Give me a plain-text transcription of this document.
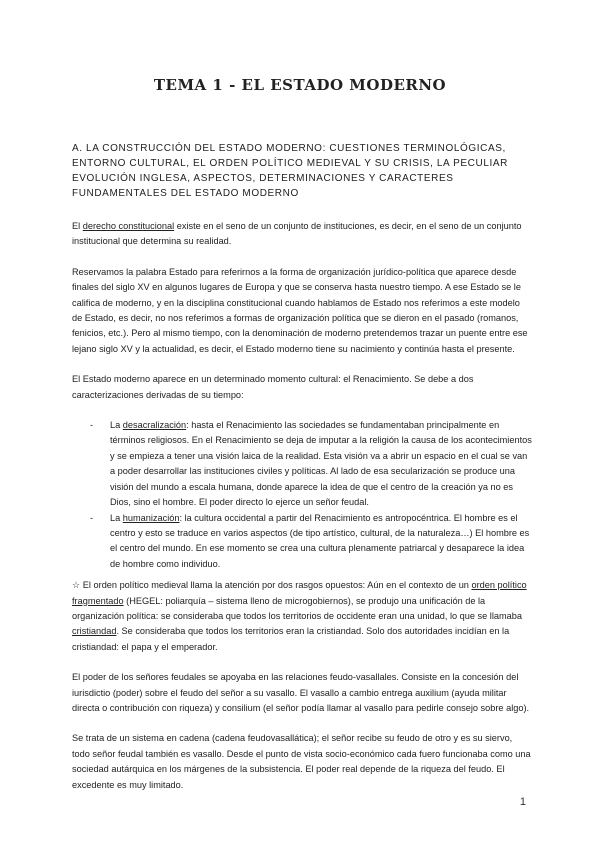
TEMA 1 - EL ESTADO MODERNO

A. LA CONSTRUCCIÓN DEL ESTADO MODERNO: CUESTIONES TERMINOLÓGICAS, ENTORNO CULTURAL, EL ORDEN POLÍTICO MEDIEVAL Y SU CRISIS, LA PECULIAR EVOLUCIÓN INGLESA, ASPECTOS, DETERMINACIONES Y CARACTERES FUNDAMENTALES DEL ESTADO MODERNO

El derecho constitucional existe en el seno de un conjunto de instituciones, es decir, en el seno de un conjunto institucional que determina su realidad.

Reservamos la palabra Estado para referirnos a la forma de organización jurídico-política que aparece desde finales del siglo XV en algunos lugares de Europa y que se conserva hasta nuestro tiempo. A ese Estado se le califica de moderno, y en la disciplina constitucional cuando hablamos de Estado nos referimos a este modelo de Estado, es decir, no nos referimos a formas de organización política que se dieron en el pasado (romanos, fenicios, etc.). Pero al mismo tiempo, con la denominación de moderno pretendemos trazar un puente entre ese lejano siglo XV y la actualidad, es decir, el Estado moderno tiene su nacimiento y continúa hasta el presente.

El Estado moderno aparece en un determinado momento cultural: el Renacimiento. Se debe a dos caracterizaciones derivadas de su tiempo:

- La desacralización: hasta el Renacimiento las sociedades se fundamentaban principalmente en términos religiosos. En el Renacimiento se deja de imputar a la religión la causa de los acontecimientos y se empieza a tener una visión laica de la realidad. Esta visión va a abrir un espacio en el cual se van a poder desarrollar las instituciones civiles y políticas. Al lado de esa secularización se produce una visión del mundo a escala humana, donde aparece la idea de que el centro de la creación ya no es Dios, sino el hombre. El poder directo lo ejerce un señor feudal.
- La humanización: la cultura occidental a partir del Renacimiento es antropocéntrica. El hombre es el centro y esto se traduce en varios aspectos (de tipo artístico, cultural, de la naturaleza…) El hombre es el centro del mundo. En ese momento se crea una cultura plenamente patriarcal y desaparece la idea de hombre como individuo.

☆ El orden político medieval llama la atención por dos rasgos opuestos: Aún en el contexto de un orden político fragmentado (HEGEL: poliarquía – sistema lleno de microgobiernos), se produjo una unificación de la organización política: se consideraba que todos los territorios de occidente eran una unidad, lo que se llamaba cristiandad. Se consideraba que todos los territorios eran la cristiandad. Solo dos autoridades incidían en la cristiandad: el papa y el emperador.

El poder de los señores feudales se apoyaba en las relaciones feudo-vasallales. Consiste en la concesión del iurisdictio (poder) sobre el feudo del señor a su vasallo. El vasallo a cambio entrega auxilium (ayuda militar directa o contribución con riqueza) y consilium (el señor podía llamar al vasallo para pedirle consejo sobre algo).

Se trata de un sistema en cadena (cadena feudovasallática); el señor recibe su feudo de otro y es su siervo, todo señor feudal también es vasallo. Desde el punto de vista socio-económico cada fuero funcionaba como una sociedad autárquica en los márgenes de la subsistencia. El poder real depende de la riqueza del feudo. El excedente es muy limitado.

1
